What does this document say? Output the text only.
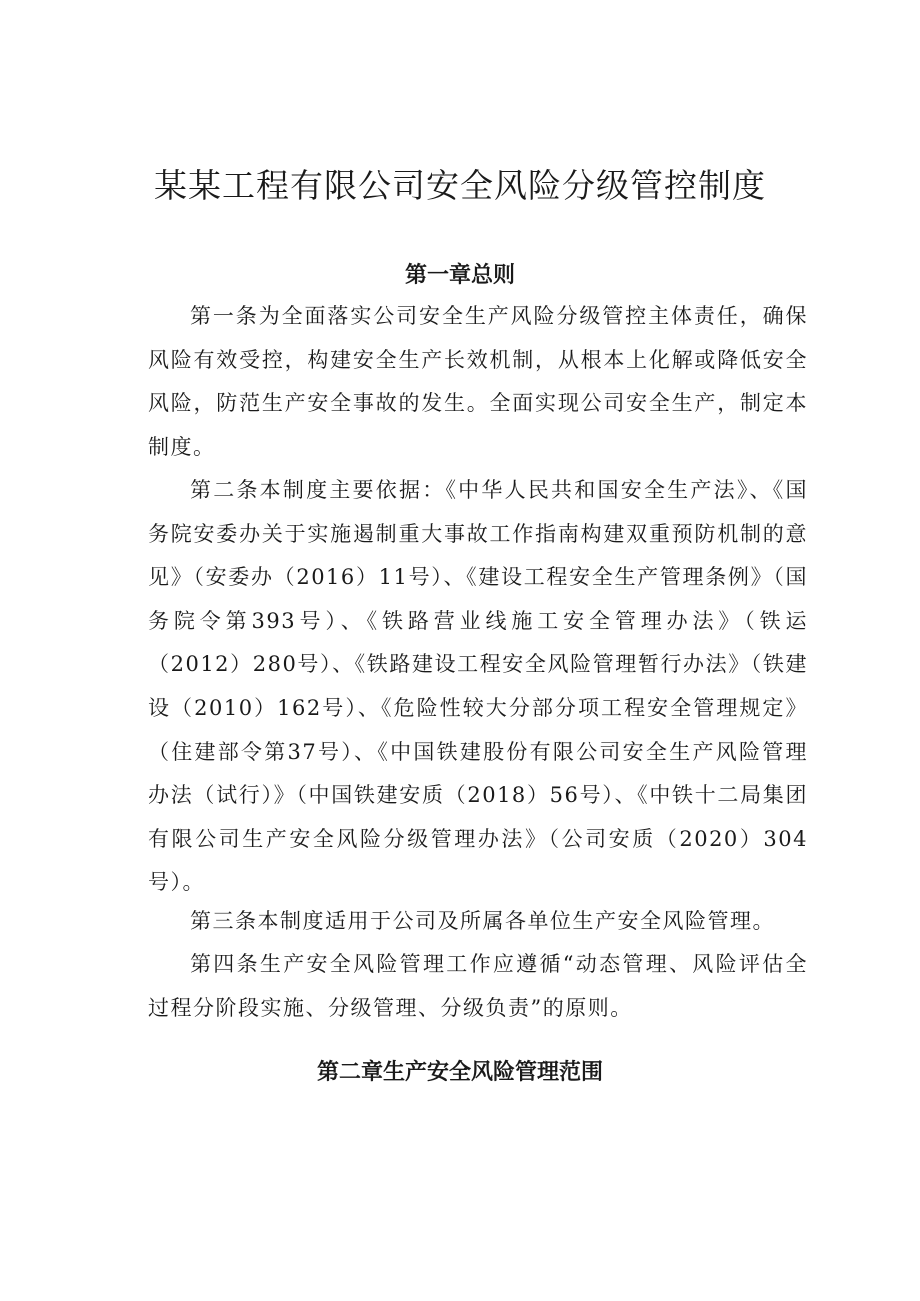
某某工程有限公司安全风险分级管控制度
第一章总则

第一条为全面落实公司安全生产风险分级管控主体责任，确保风险有效受控，构建安全生产长效机制，从根本上化解或降低安全风险，防范生产安全事故的发生。全面实现公司安全生产，制定本制度。

第二条本制度主要依据：《中华人民共和国安全生产法》、《国务院安委办关于实施遏制重大事故工作指南构建双重预防机制的意见》（安委办（2016）11号）、《建设工程安全生产管理条例》（国务院令第393号）、《铁路营业线施工安全管理办法》（铁运（2012）280号）、《铁路建设工程安全风险管理暂行办法》（铁建设（2010）162号）、《危险性较大分部分项工程安全管理规定》（住建部令第37号）、《中国铁建股份有限公司安全生产风险管理办法（试行）》（中国铁建安质（2018）56号）、《中铁十二局集团有限公司生产安全风险分级管理办法》（公司安质（2020）304号）。

第三条本制度适用于公司及所属各单位生产安全风险管理。

第四条生产安全风险管理工作应遵循“动态管理、风险评估全过程分阶段实施、分级管理、分级负责”的原则。

第二章生产安全风险管理范围
